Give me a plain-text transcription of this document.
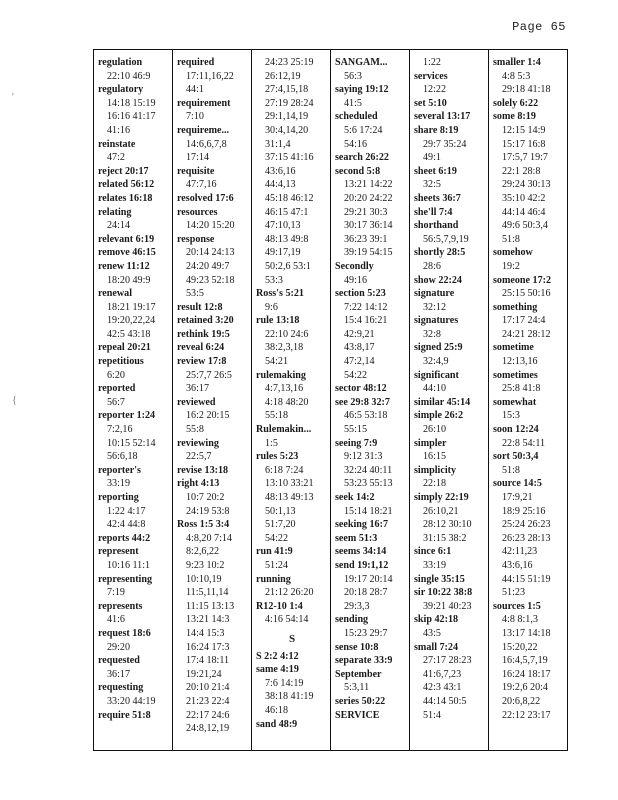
Page 65
'
{
regulation
22:10 46:9
regulatory
14:18 15:19
16:16 41:17
41:16
reinstate
47:2
reject 20:17
related 56:12
relates 16:18
relating
24:14
relevant 6:19
remove 46:15
renew 11:12
18:20 49:9
renewal
18:21 19:17
19:20,22,24
42:5 43:18
repeal 20:21
repetitious
6:20
reported
56:7
reporter 1:24
7:2,16
10:15 52:14
56:6,18
reporter's
33:19
reporting
1:22 4:17
42:4 44:8
reports 44:2
represent
10:16 11:1
representing
7:19
represents
41:6
request 18:6
29:20
requested
36:17
requesting
33:20 44:19
require 51:8
required
17:11,16,22
44:1
requirement
7:10
requireme...
14:6,6,7,8
17:14
requisite
47:7,16
resolved 17:6
resources
14:20 15:20
response
20:14 24:13
24:20 49:7
49:23 52:18
53:5
result 12:8
retained 3:20
rethink 19:5
reveal 6:24
review 17:8
25:7,7 26:5
36:17
reviewed
16:2 20:15
55:8
reviewing
22:5,7
revise 13:18
right 4:13
10:7 20:2
24:19 53:8
Ross 1:5 3:4
4:8,20 7:14
8:2,6,22
9:23 10:2
10:10,19
11:5,11,14
11:15 13:13
13:21 14:3
14:4 15:3
16:24 17:3
17:4 18:11
19:21,24
20:10 21:4
21:23 22:4
22:17 24:6
24:8,12,19
24:23 25:19
26:12,19
27:4,15,18
27:19 28:24
29:1,14,19
30:4,14,20
31:1,4
37:15 41:16
43:6,16
44:4,13
45:18 46:12
46:15 47:1
47:10,13
48:13 49:8
49:17,19
50:2,6 53:1
53:3
Ross's 5:21
9:6
rule 13:18
22:10 24:6
38:2,3,18
54:21
rulemaking
4:7,13,16
4:18 48:20
55:18
Rulemakin...
1:5
rules 5:23
6:18 7:24
13:10 33:21
48:13 49:13
50:1,13
51:7,20
54:22
run 41:9
51:24
running
21:12 26:20
R12-10 1:4
4:16 54:14
S
S 2:2 4:12
same 4:19
7:6 14:19
38:18 41:19
46:18
sand 48:9
SANGAM...
56:3
saying 19:12
41:5
scheduled
5:6 17:24
54:16
search 26:22
second 5:8
13:21 14:22
20:20 24:22
29:21 30:3
30:17 36:14
36:23 39:1
39:19 54:15
Secondly
49:16
section 5:23
7:22 14:12
15:4 16:21
42:9,21
43:8,17
47:2,14
54:22
sector 48:12
see 29:8 32:7
46:5 53:18
55:15
seeing 7:9
9:12 31:3
32:24 40:11
53:23 55:13
seek 14:2
15:14 18:21
seeking 16:7
seem 51:3
seems 34:14
send 19:1,12
19:17 20:14
20:18 28:7
29:3,3
sending
15:23 29:7
sense 10:8
separate 33:9
September
5:3,11
series 50:22
SERVICE
1:22
services
12:22
set 5:10
several 13:17
share 8:19
29:7 35:24
49:1
sheet 6:19
32:5
sheets 36:7
she'll 7:4
shorthand
56:5,7,9,19
shortly 28:5
28:6
show 22:24
signature
32:12
signatures
32:8
signed 25:9
32:4,9
significant
44:10
similar 45:14
simple 26:2
26:10
simpler
16:15
simplicity
22:18
simply 22:19
26:10,21
28:12 30:10
31:15 38:2
since 6:1
33:19
single 35:15
sir 10:22 38:8
39:21 40:23
skip 42:18
43:5
small 7:24
27:17 28:23
41:6,7,23
42:3 43:1
44:14 50:5
51:4
smaller 1:4
4:8 5:3
29:18 41:18
solely 6:22
some 8:19
12:15 14:9
15:17 16:8
17:5,7 19:7
22:1 28:8
29:24 30:13
35:10 42:2
44:14 46:4
49:6 50:3,4
51:8
somehow
19:2
someone 17:2
25:15 50:16
something
17:17 24:4
24:21 28:12
sometime
12:13,16
sometimes
25:8 41:8
somewhat
15:3
soon 12:24
22:8 54:11
sort 50:3,4
51:8
source 14:5
17:9,21
18:9 25:16
25:24 26:23
26:23 28:13
42:11,23
43:6,16
44:15 51:19
51:23
sources 1:5
4:8 8:1,3
13:17 14:18
15:20,22
16:4,5,7,19
16:24 18:17
19:2,6 20:4
20:6,8,22
22:12 23:17
